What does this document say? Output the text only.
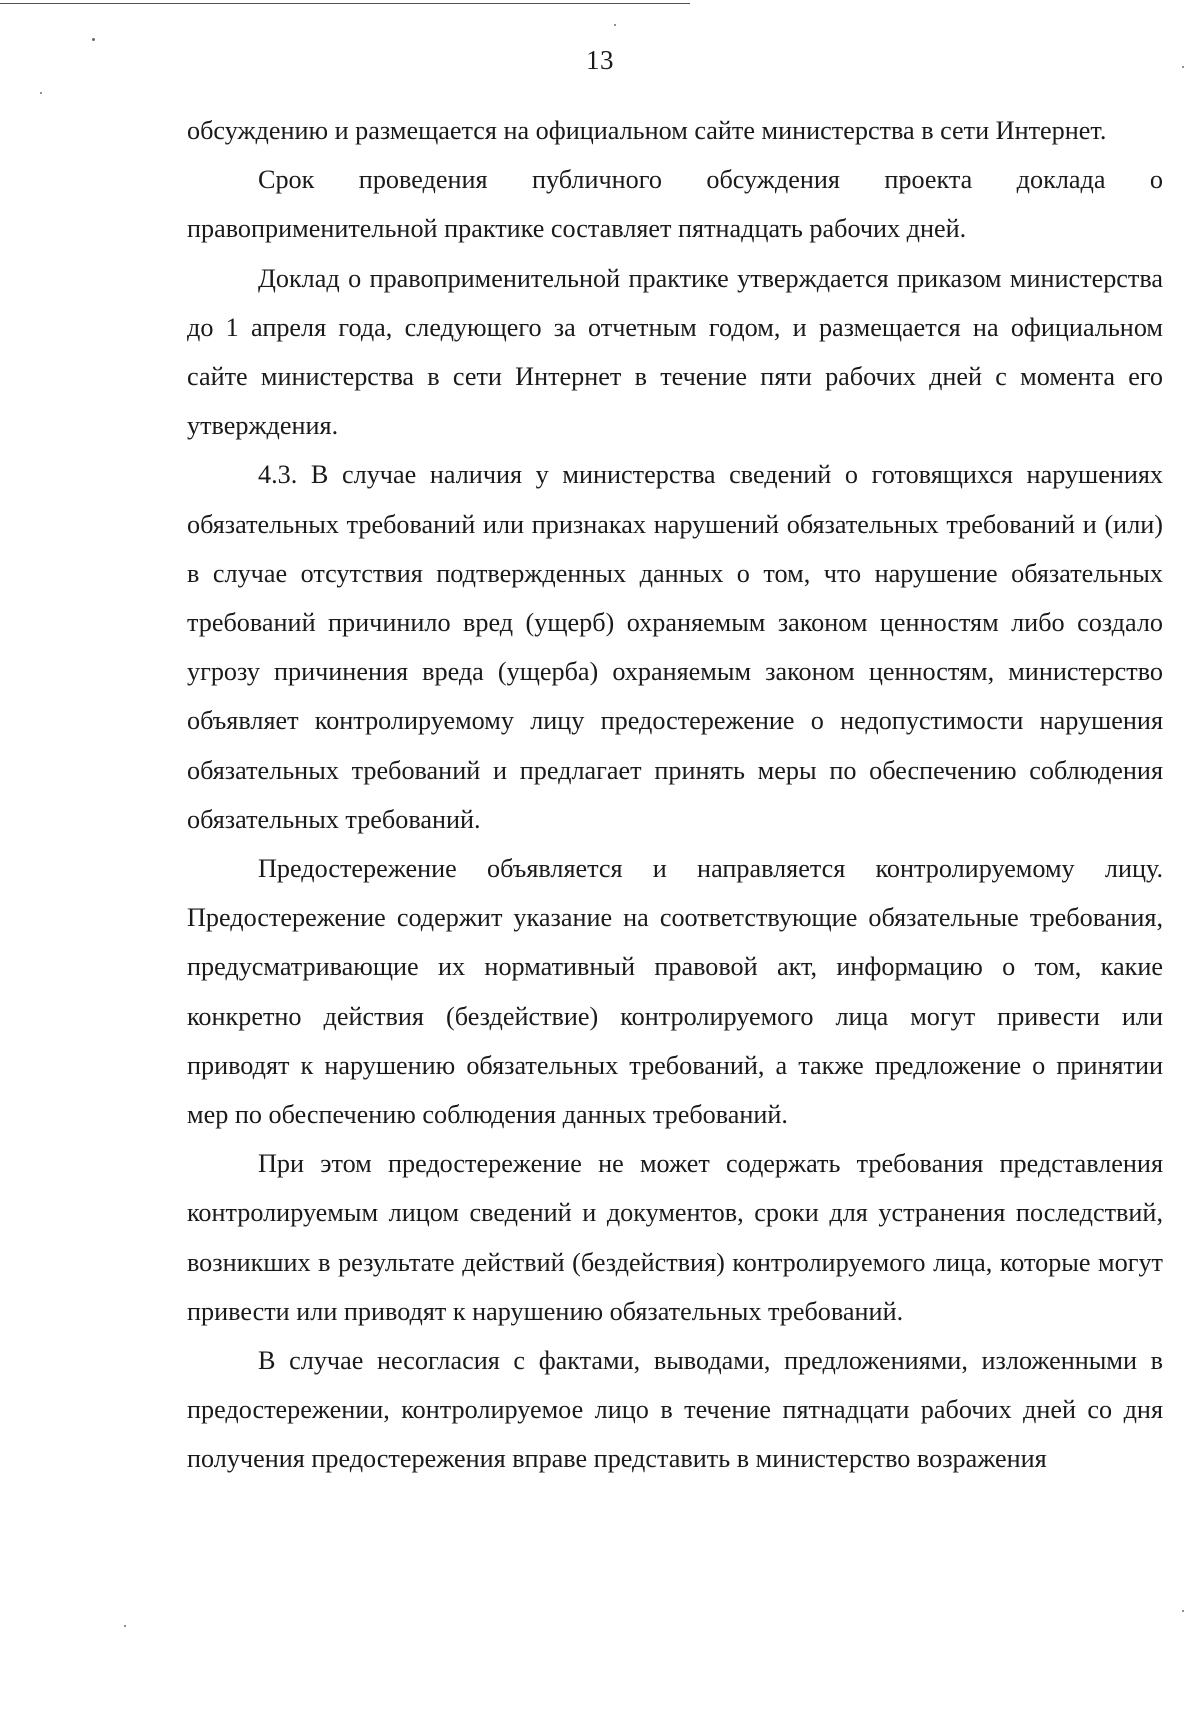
13

обсуждению и размещается на официальном сайте министерства в сети Интернет.

Срок проведения публичного обсуждения проекта доклада о правоприменительной практике составляет пятнадцать рабочих дней.

Доклад о правоприменительной практике утверждается приказом министерства до 1 апреля года, следующего за отчетным годом, и размещается на официальном сайте министерства в сети Интернет в течение пяти рабочих дней с момента его утверждения.

4.3. В случае наличия у министерства сведений о готовящихся нарушениях обязательных требований или признаках нарушений обязательных требований и (или) в случае отсутствия подтвержденных данных о том, что нарушение обязательных требований причинило вред (ущерб) охраняемым законом ценностям либо создало угрозу причинения вреда (ущерба) охраняемым законом ценностям, министерство объявляет контролируемому лицу предостережение о недопустимости нарушения обязательных требований и предлагает принять меры по обеспечению соблюдения обязательных требований.

Предостережение объявляется и направляется контролируемому лицу. Предостережение содержит указание на соответствующие обязательные требования, предусматривающие их нормативный правовой акт, информацию о том, какие конкретно действия (бездействие) контролируемого лица могут привести или приводят к нарушению обязательных требований, а также предложение о принятии мер по обеспечению соблюдения данных требований.

При этом предостережение не может содержать требования представления контролируемым лицом сведений и документов, сроки для устранения последствий, возникших в результате действий (бездействия) контролируемого лица, которые могут привести или приводят к нарушению обязательных требований.

В случае несогласия с фактами, выводами, предложениями, изложенными в предостережении, контролируемое лицо в течение пятнадцати рабочих дней со дня получения предостережения вправе представить в министерство возражения
